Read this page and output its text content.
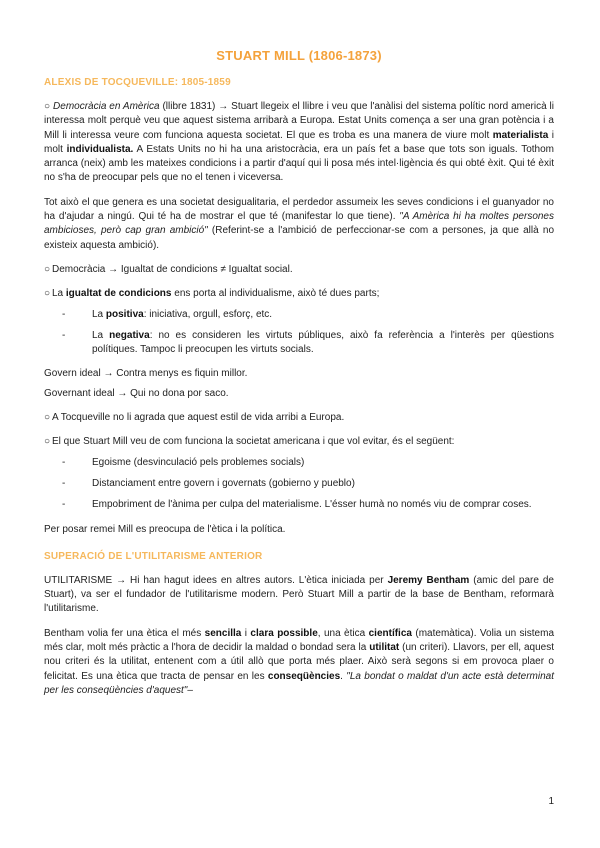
STUART MILL (1806-1873)
ALEXIS DE TOCQUEVILLE: 1805-1859

○ Democràcia en Amèrica (llibre 1831) → Stuart llegeix el llibre i veu que l'anàlisi del sistema polític nord americà li interessa molt perquè veu que aquest sistema arribarà a Europa. Estat Units comença a ser una gran potència i a Mill li interessa veure com funciona aquesta societat. El que es troba es una manera de viure molt materialista i molt individualista. A Estats Units no hi ha una aristocràcia, era un país fet a base que tots son iguals. Tothom arranca (neix) amb les mateixes condicions i a partir d'aquí qui li posa més intel·ligència és qui obté èxit. Qui té èxit no s'ha de preocupar pels que no el tenen i viceversa.

Tot això el que genera es una societat desigualitaria, el perdedor assumeix les seves condicions i el guanyador no ha d'ajudar a ningú. Qui té ha de mostrar el que té (manifestar lo que tiene). "A Amèrica hi ha moltes persones ambicioses, però cap gran ambició" (Referint-se a l'ambició de perfeccionar-se com a persones, ja que allà no existeix aquesta ambició).

○ Democràcia → Igualtat de condicions ≠ Igualtat social.

○ La igualtat de condicions ens porta al individualisme, això té dues parts;

-	La positiva: iniciativa, orgull, esforç, etc.
-	La negativa: no es consideren les virtuts públiques, això fa referència a l'interès per qüestions polítiques. Tampoc li preocupen les virtuts socials.

Govern ideal → Contra menys es fiquin millor.

Governant ideal → Qui no dona por saco.

○ A Tocqueville no li agrada que aquest estil de vida arribi a Europa.

○ El que Stuart Mill veu de com funciona la societat americana i que vol evitar, és el següent:

-	Egoisme (desvinculació pels problemes socials)
-	Distanciament entre govern i governats (gobierno y pueblo)
-	Empobriment de l'ànima per culpa del materialisme. L'ésser humà no només viu de comprar coses.

Per posar remei Mill es preocupa de l'ètica i la política.

SUPERACIÓ DE L'UTILITARISME ANTERIOR

UTILITARISME → Hi han hagut idees en altres autors. L'ètica iniciada per Jeremy Bentham (amic del pare de Stuart), va ser el fundador de l'utilitarisme modern. Però Stuart Mill a partir de la base de Bentham, reformarà l'utilitarisme.

Bentham volia fer una ètica el més sencilla i clara possible, una ètica científica (matemàtica). Volia un sistema més clar, molt més pràctic a l'hora de decidir la maldad o bondad sera la utilitat (un criteri). Llavors, per ell, aquest nou criteri és la utilitat, entenent com a útil allò que porta més plaer. Això serà segons si em provoca plaer o felicitat. Es una ètica que tracta de pensar en les conseqüències. "La bondat o maldat d'un acte està determinat per les conseqüències d'aquest"–

1
